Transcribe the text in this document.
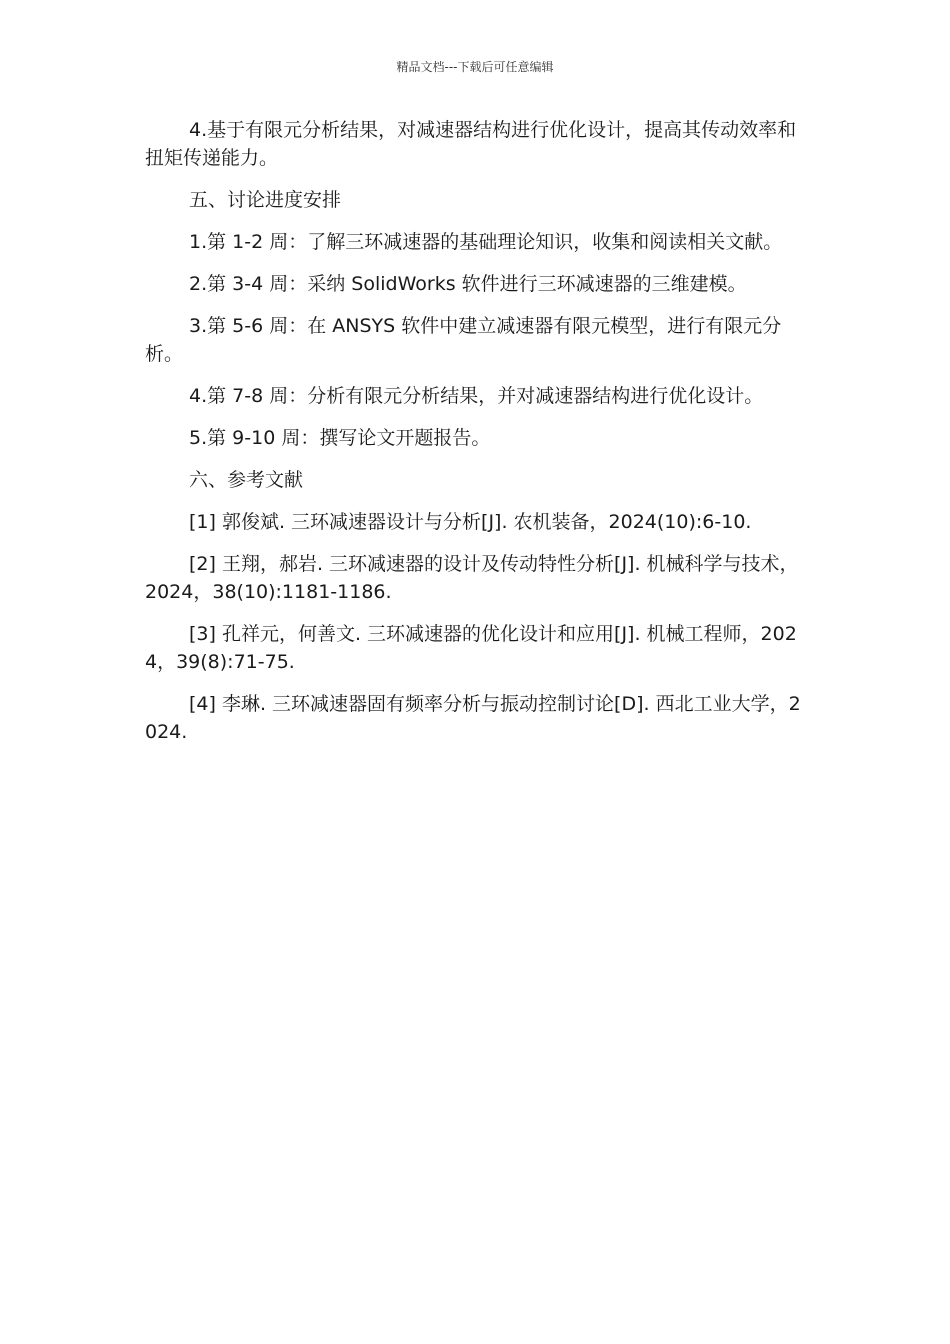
精品文档---下载后可任意编辑

4.基于有限元分析结果，对减速器结构进行优化设计，提高其传动效率和扭矩传递能力。

五、讨论进度安排

1.第 1-2 周：了解三环减速器的基础理论知识，收集和阅读相关文献。

2.第 3-4 周：采纳 SolidWorks 软件进行三环减速器的三维建模。

3.第 5-6 周：在 ANSYS 软件中建立减速器有限元模型，进行有限元分析。

4.第 7-8 周：分析有限元分析结果，并对减速器结构进行优化设计。

5.第 9-10 周：撰写论文开题报告。

六、参考文献

[1] 郭俊斌. 三环减速器设计与分析[J]. 农机装备，2024(10):6-10.

[2] 王翔，郝岩. 三环减速器的设计及传动特性分析[J]. 机械科学与技术，2024，38(10):1181-1186.

[3] 孔祥元，何善文. 三环减速器的优化设计和应用[J]. 机械工程师，2024，39(8):71-75.

[4] 李琳. 三环减速器固有频率分析与振动控制讨论[D]. 西北工业大学，2024.
